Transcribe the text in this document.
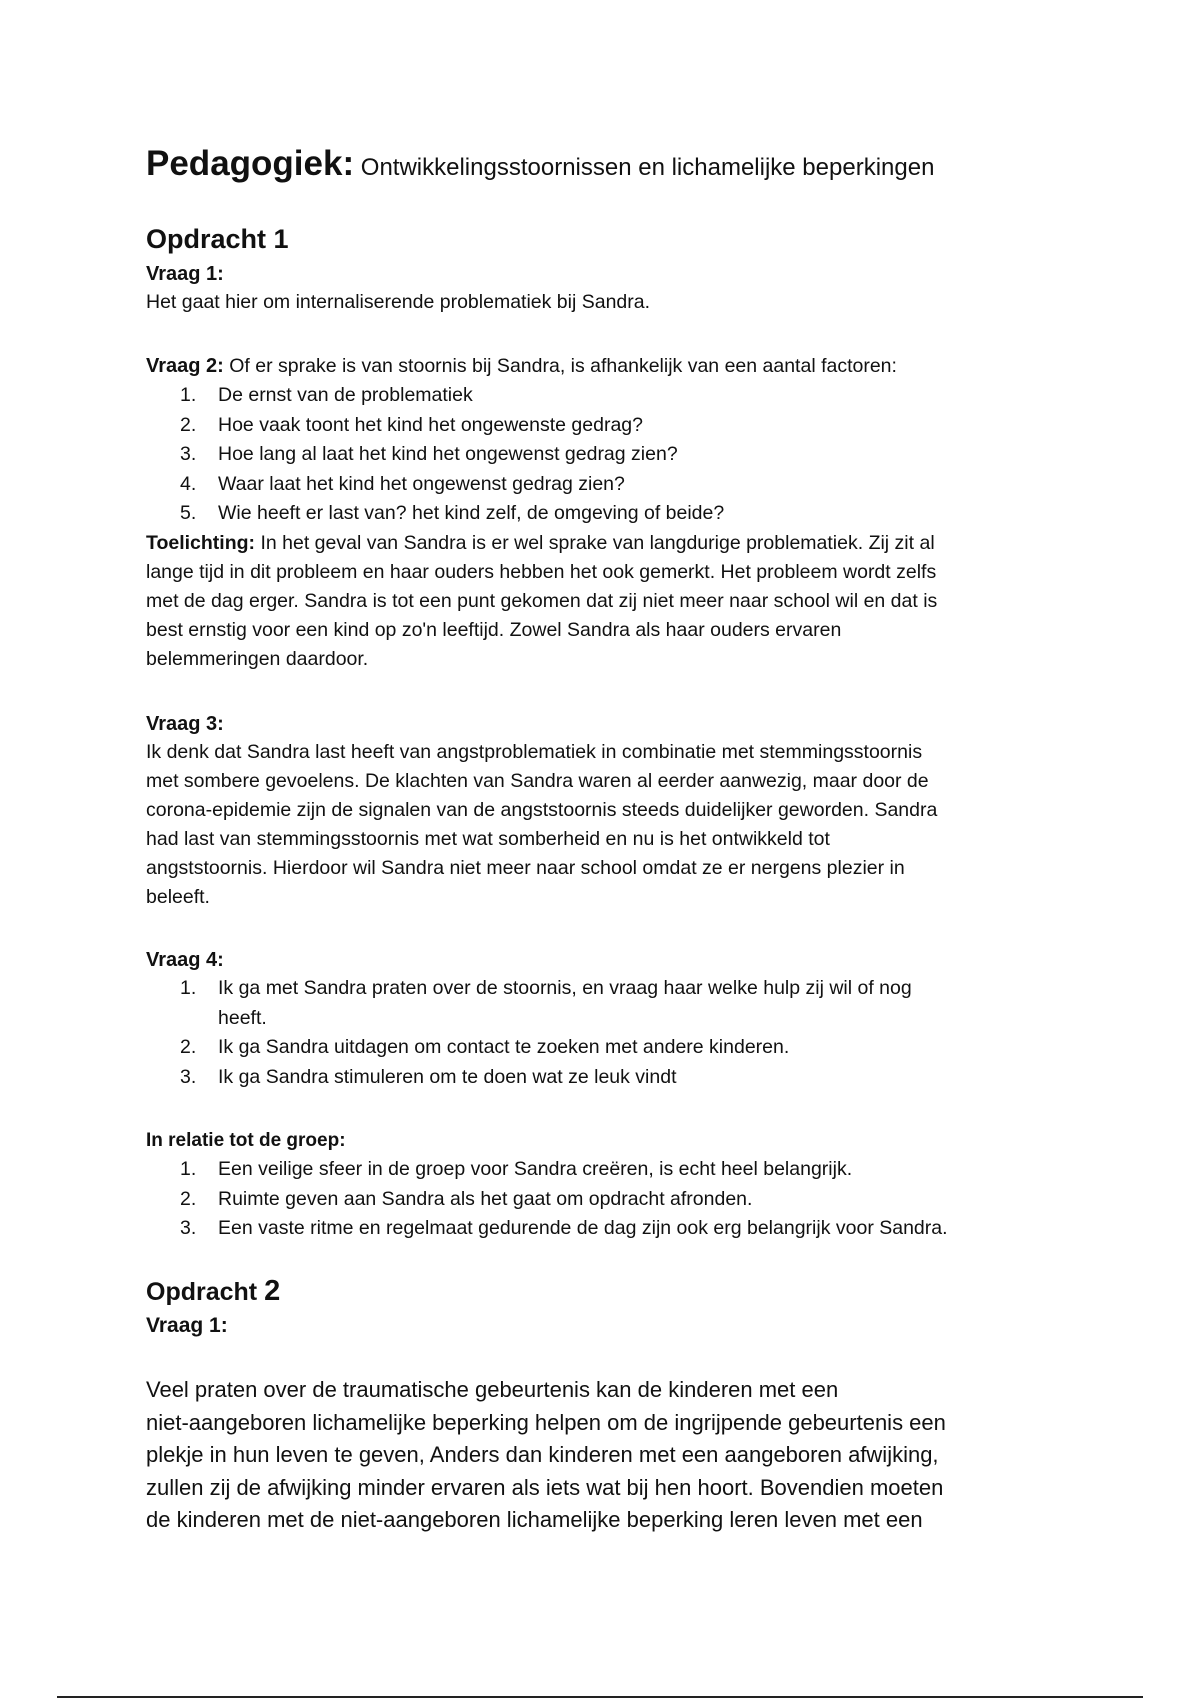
Pedagogiek: Ontwikkelingsstoornissen en lichamelijke beperkingen
Opdracht 1
Vraag 1:
Het gaat hier om internaliserende problematiek bij Sandra.
Vraag 2: Of er sprake is van stoornis bij Sandra, is afhankelijk van een aantal factoren:
1. De ernst van de problematiek
2. Hoe vaak toont het kind het ongewenste gedrag?
3. Hoe lang al laat het kind het ongewenst gedrag zien?
4. Waar laat het kind het ongewenst gedrag zien?
5. Wie heeft er last van? het kind zelf, de omgeving of beide?
Toelichting: In het geval van Sandra is er wel sprake van langdurige problematiek. Zij zit al
lange tijd in dit probleem en haar ouders hebben het ook gemerkt. Het probleem wordt zelfs
met de dag erger. Sandra is tot een punt gekomen dat zij niet meer naar school wil en dat is
best ernstig voor een kind op zo'n leeftijd. Zowel Sandra als haar ouders ervaren
belemmeringen daardoor.
Vraag 3:
Ik denk dat Sandra last heeft van angstproblematiek in combinatie met stemmingsstoornis
met sombere gevoelens. De klachten van Sandra waren al eerder aanwezig, maar door de
corona-epidemie zijn de signalen van de angststoornis steeds duidelijker geworden. Sandra
had last van stemmingsstoornis met wat somberheid en nu is het ontwikkeld tot
angststoornis. Hierdoor wil Sandra niet meer naar school omdat ze er nergens plezier in
beleeft.
Vraag 4:
1. Ik ga met Sandra praten over de stoornis, en vraag haar welke hulp zij wil of nog
heeft.
2. Ik ga Sandra uitdagen om contact te zoeken met andere kinderen.
3. Ik ga Sandra stimuleren om te doen wat ze leuk vindt
In relatie tot de groep:
1. Een veilige sfeer in de groep voor Sandra creëren, is echt heel belangrijk.
2. Ruimte geven aan Sandra als het gaat om opdracht afronden.
3. Een vaste ritme en regelmaat gedurende de dag zijn ook erg belangrijk voor Sandra.
Opdracht 2
Vraag 1:
Veel praten over de traumatische gebeurtenis kan de kinderen met een
niet-aangeboren lichamelijke beperking helpen om de ingrijpende gebeurtenis een
plekje in hun leven te geven, Anders dan kinderen met een aangeboren afwijking,
zullen zij de afwijking minder ervaren als iets wat bij hen hoort. Bovendien moeten
de kinderen met de niet-aangeboren lichamelijke beperking leren leven met een
